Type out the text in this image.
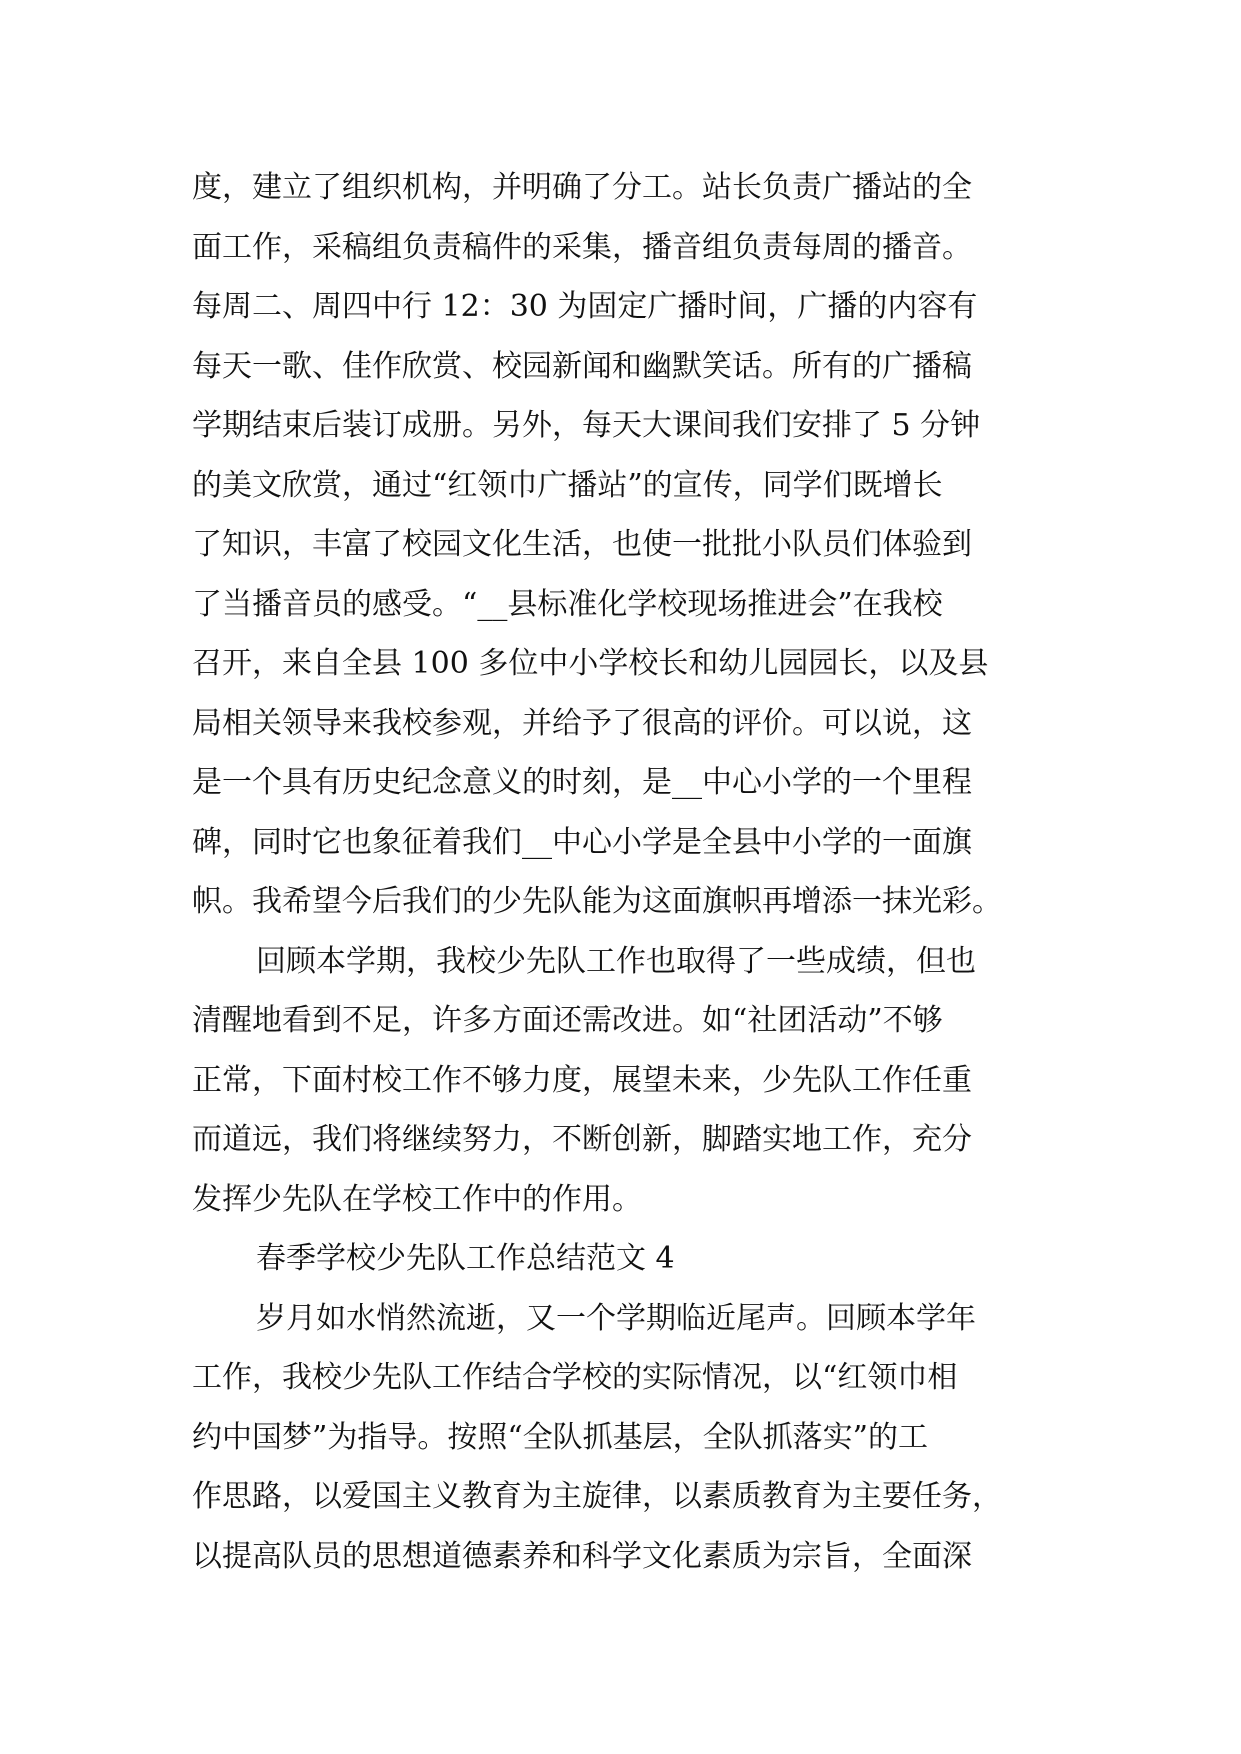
度，建立了组织机构，并明确了分工。站长负责广播站的全
面工作，采稿组负责稿件的采集，播音组负责每周的播音。
每周二、周四中行 12：30 为固定广播时间，广播的内容有
每天一歌、佳作欣赏、校园新闻和幽默笑话。所有的广播稿
学期结束后装订成册。另外，每天大课间我们安排了 5 分钟
的美文欣赏，通过“红领巾广播站”的宣传，同学们既增长
了知识，丰富了校园文化生活，也使一批批小队员们体验到
了当播音员的感受。“__县标准化学校现场推进会”在我校
召开，来自全县 100 多位中小学校长和幼儿园园长，以及县
局相关领导来我校参观，并给予了很高的评价。可以说，这
是一个具有历史纪念意义的时刻，是__中心小学的一个里程
碑，同时它也象征着我们__中心小学是全县中小学的一面旗
帜。我希望今后我们的少先队能为这面旗帜再增添一抹光彩。
回顾本学期，我校少先队工作也取得了一些成绩，但也
清醒地看到不足，许多方面还需改进。如“社团活动”不够
正常，下面村校工作不够力度，展望未来，少先队工作任重
而道远，我们将继续努力，不断创新，脚踏实地工作，充分
发挥少先队在学校工作中的作用。
春季学校少先队工作总结范文 4
岁月如水悄然流逝，又一个学期临近尾声。回顾本学年
工作，我校少先队工作结合学校的实际情况，以“红领巾相
约中国梦”为指导。按照“全队抓基层，全队抓落实”的工
作思路，以爱国主义教育为主旋律，以素质教育为主要任务，
以提高队员的思想道德素养和科学文化素质为宗旨，全面深
